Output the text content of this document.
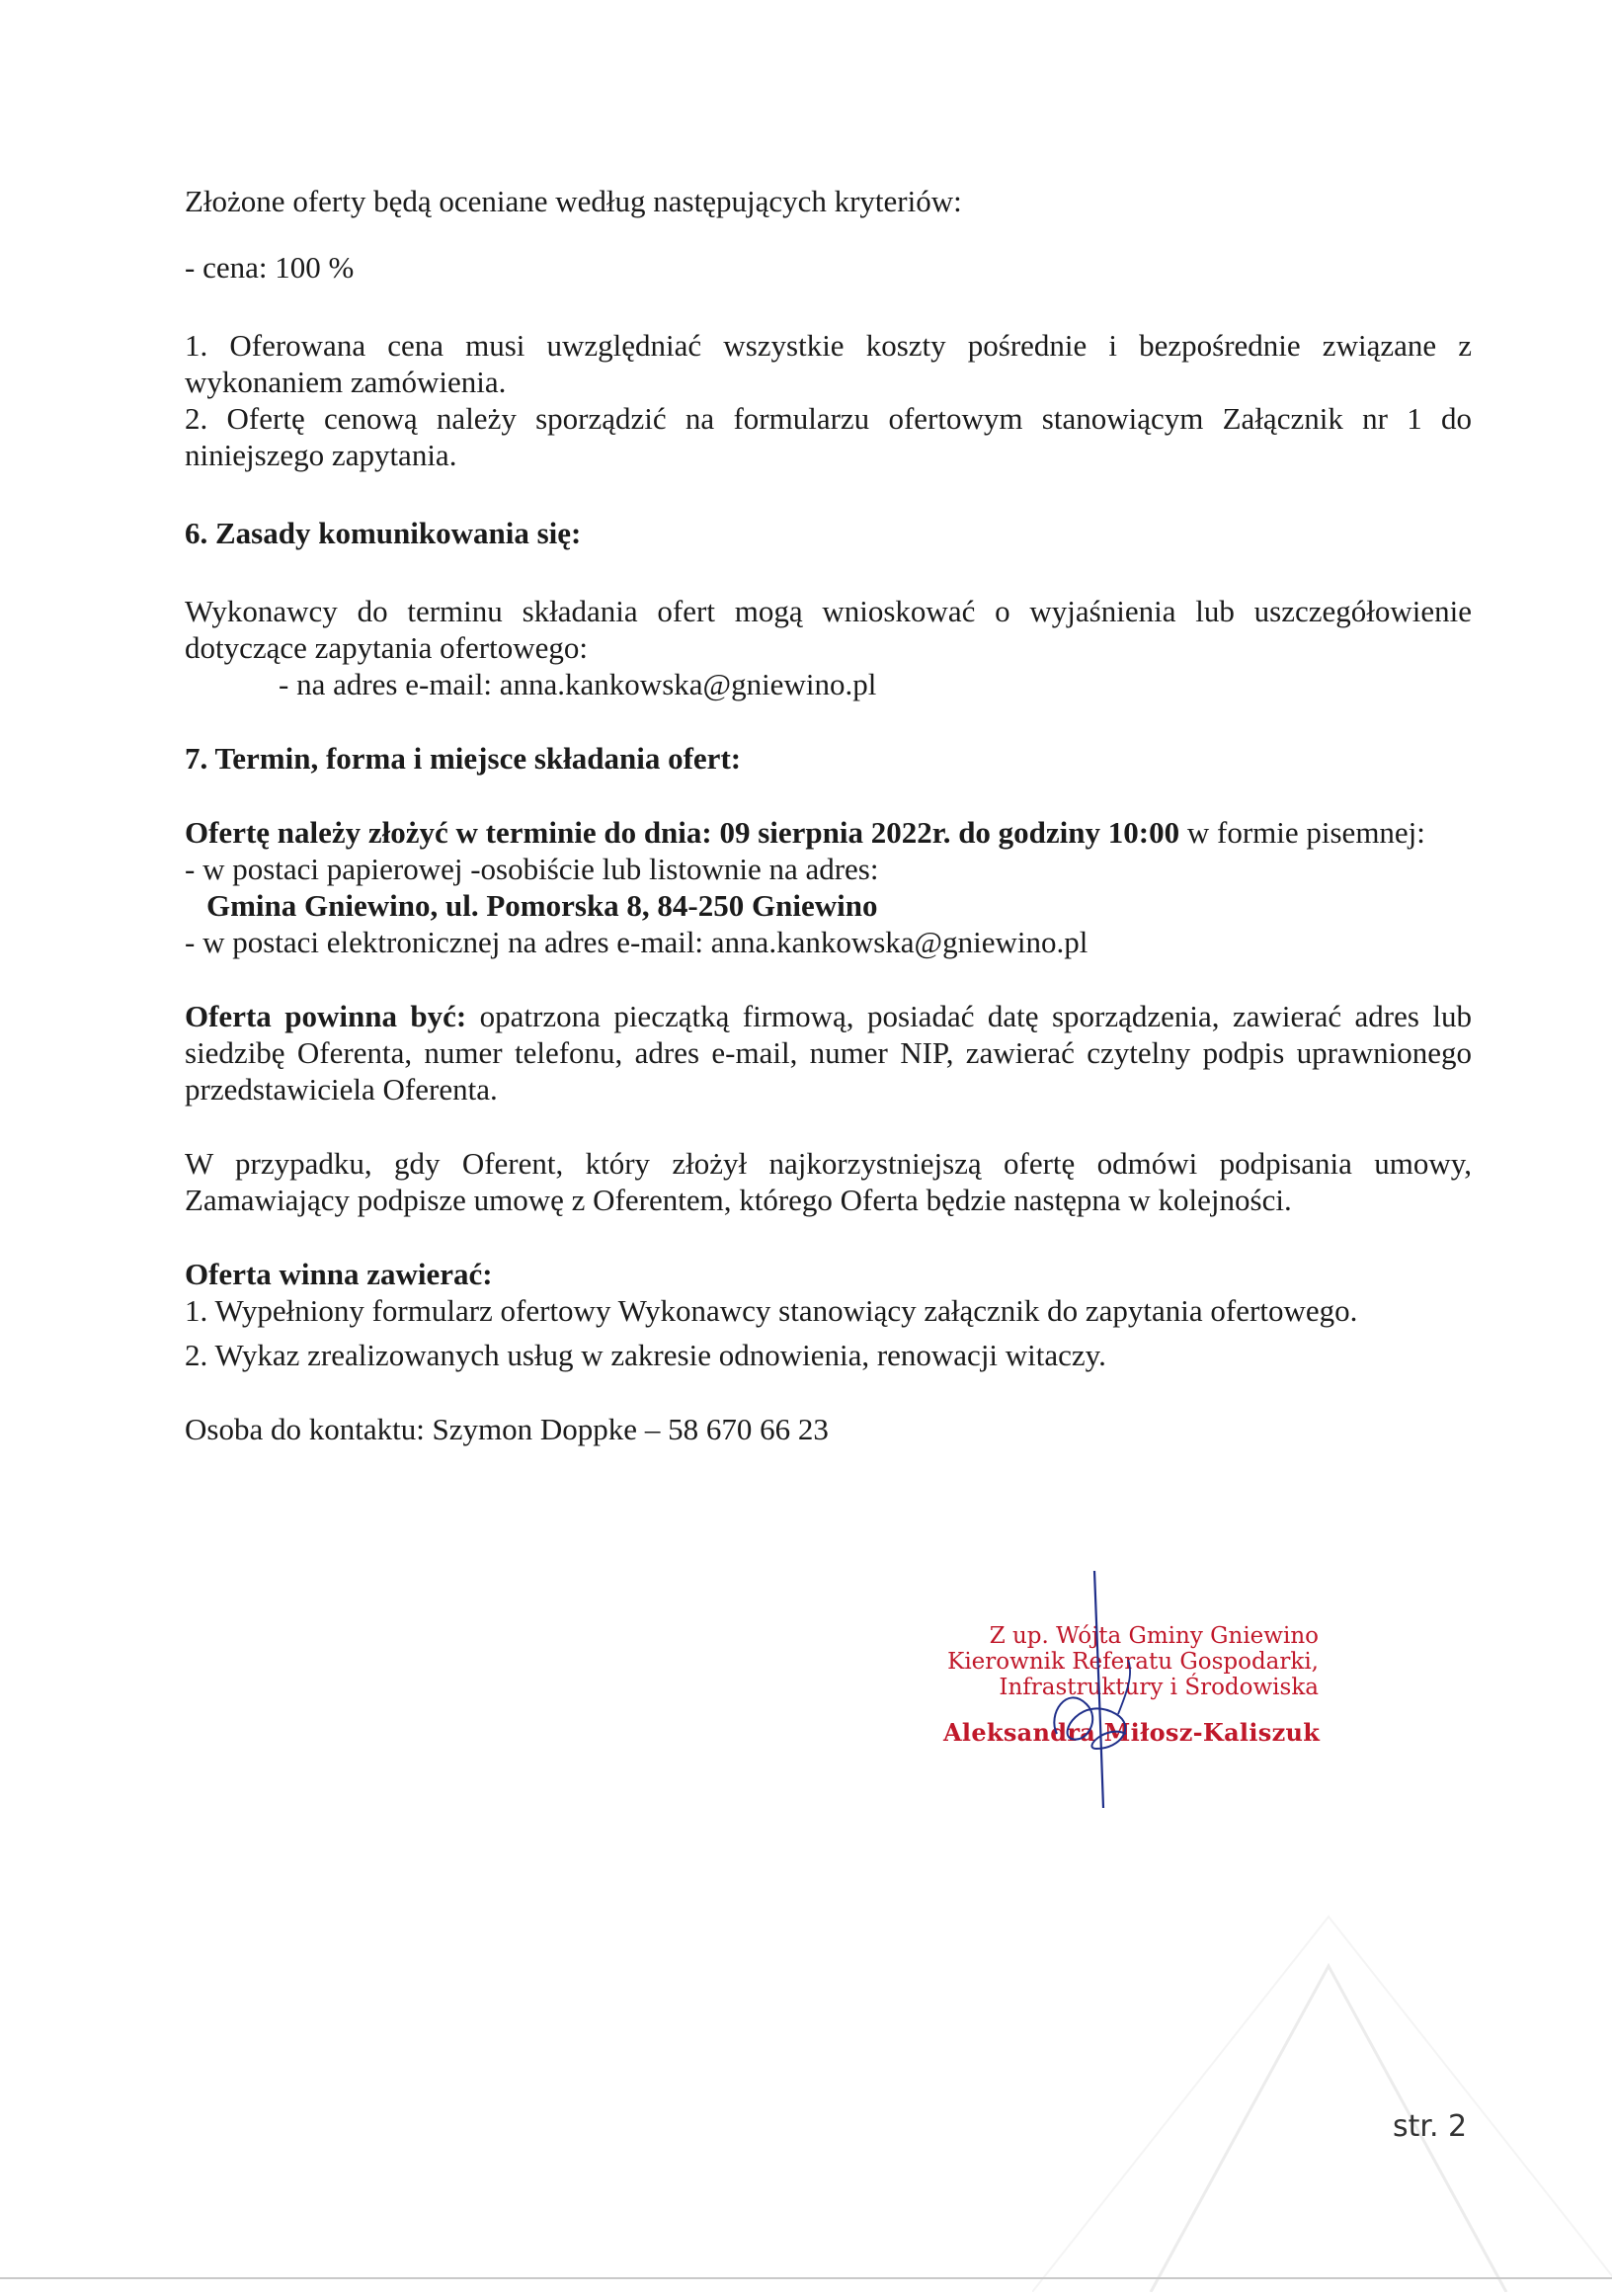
Złożone oferty będą oceniane według następujących kryteriów:

- cena: 100 %

1. Oferowana cena musi uwzględniać wszystkie koszty pośrednie i bezpośrednie związane z wykonaniem zamówienia.

2. Ofertę cenową należy sporządzić na formularzu ofertowym stanowiącym Załącznik nr 1 do niniejszego zapytania.

6. Zasady komunikowania się:

Wykonawcy do terminu składania ofert mogą wnioskować o wyjaśnienia lub uszczegółowienie dotyczące zapytania ofertowego:

- na adres e-mail: anna.kankowska@gniewino.pl

7. Termin, forma i miejsce składania ofert:

Ofertę należy złożyć w terminie do dnia: 09 sierpnia 2022r. do godziny 10:00 w formie pisemnej:

- w postaci papierowej -osobiście lub listownie na adres:

Gmina Gniewino, ul. Pomorska 8, 84-250 Gniewino

- w postaci elektronicznej na adres e-mail: anna.kankowska@gniewino.pl

Oferta powinna być: opatrzona pieczątką firmową, posiadać datę sporządzenia, zawierać adres lub siedzibę Oferenta, numer telefonu, adres e-mail, numer NIP, zawierać czytelny podpis uprawnionego przedstawiciela Oferenta.

W przypadku, gdy Oferent, który złożył najkorzystniejszą ofertę odmówi podpisania umowy, Zamawiający podpisze umowę z Oferentem, którego Oferta będzie następna w kolejności.

Oferta winna zawierać:

1. Wypełniony formularz ofertowy Wykonawcy stanowiący załącznik do zapytania ofertowego.

2. Wykaz zrealizowanych usług w zakresie odnowienia, renowacji witaczy.

Osoba do kontaktu: Szymon Doppke – 58 670 66 23

Z up. Wójta Gminy Gniewino
Kierownik Referatu Gospodarki,
Infrastruktury i Środowiska
Aleksandra Miłosz-Kaliszuk
str. 2
